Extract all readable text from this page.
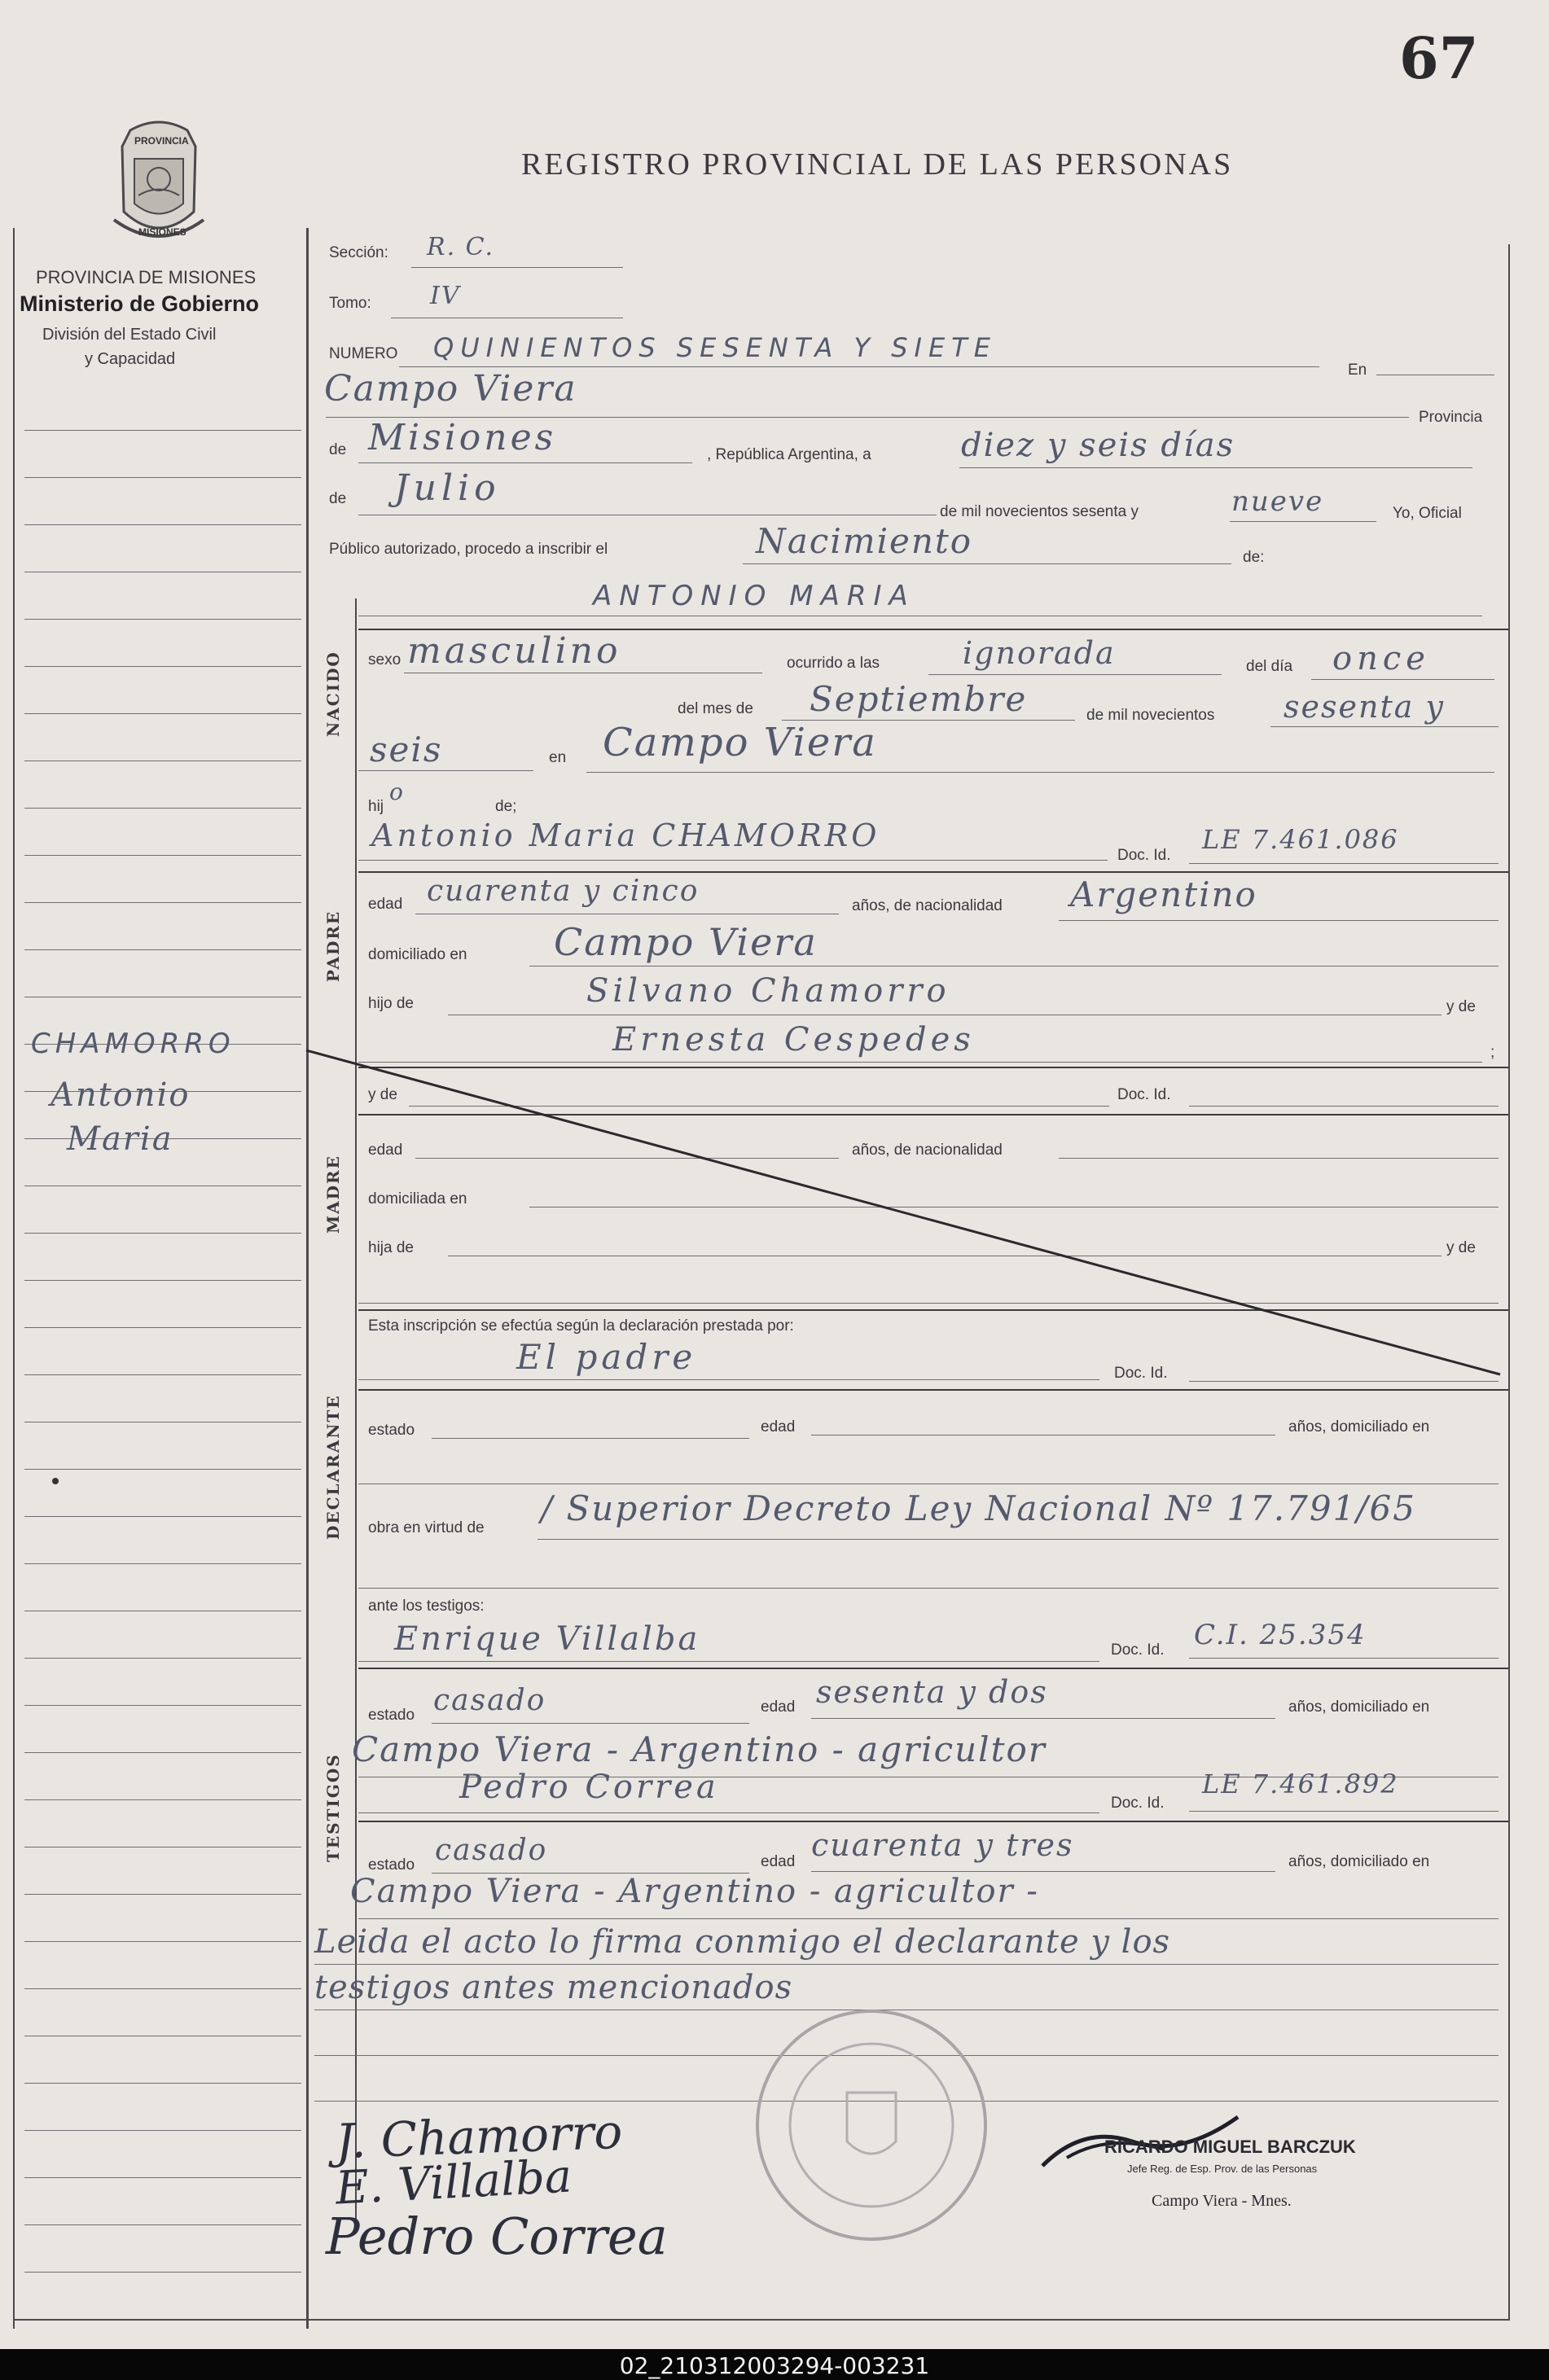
67
PROVINCIA
MISIONES
PROVINCIA DE MISIONES
Ministerio de Gobierno
División del Estado Civil
y Capacidad
REGISTRO PROVINCIAL DE LAS PERSONAS
CHAMORRO
Antonio
Maria
Sección: R. C.
Tomo: IV
NUMERO QUINIENTOS SESENTA Y SIETE
En
Campo Viera
Provincia
de Misiones	, República Argentina, a	diez y seis días
de Julio
de mil novecientos sesenta y	nueve	Yo, Oficial
Público autorizado, procedo a inscribir el	Nacimiento	de:
ANTONIO MARIA
NACIDO sexo masculino	ocurrido a las	ignorada	del día once
del mes de Septiembre	de mil novecientos sesenta y
seis	en Campo Viera
hij
o
de;
Antonio Maria CHAMORRO
Doc. Id.
LE 7.461.086
PADRE
edad cuarenta y cinco	años, de nacionalidad Argentino
domiciliado en Campo Viera
hijo de	Silvano Chamorro	y de
Ernesta Cespedes	;
MADRE
y de	Doc. Id.
edad	años, de nacionalidad
domiciliada en
hija de	y de
Esta inscripción se efectúa según la declaración prestada por:
El padre	Doc. Id.
DECLARANTE estado	edad	años, domiciliado en
obra en virtud de / Superior Decreto Ley Nacional Nº 17.791/65
ante los testigos:
Enrique Villalba	Doc. Id. C.I. 25.354
TESTIGOS
estado casado	edad sesenta y dos	años, domiciliado en
Campo Viera - Argentino - agricultor
Pedro Correa	Doc. Id.
LE 7.461.892
estado casado	edad cuarenta y tres	años, domiciliado en
Campo Viera - Argentino - agricultor -
Leida el acto lo firma conmigo el declarante y los
testigos antes mencionados
J. Chamorro
E. Villalba
Pedro Correa
RICARDO MIGUEL BARCZUK
Jefe Reg. de Esp. Prov. de las Personas
Campo Viera - Mnes.
02_210312003294-003231
